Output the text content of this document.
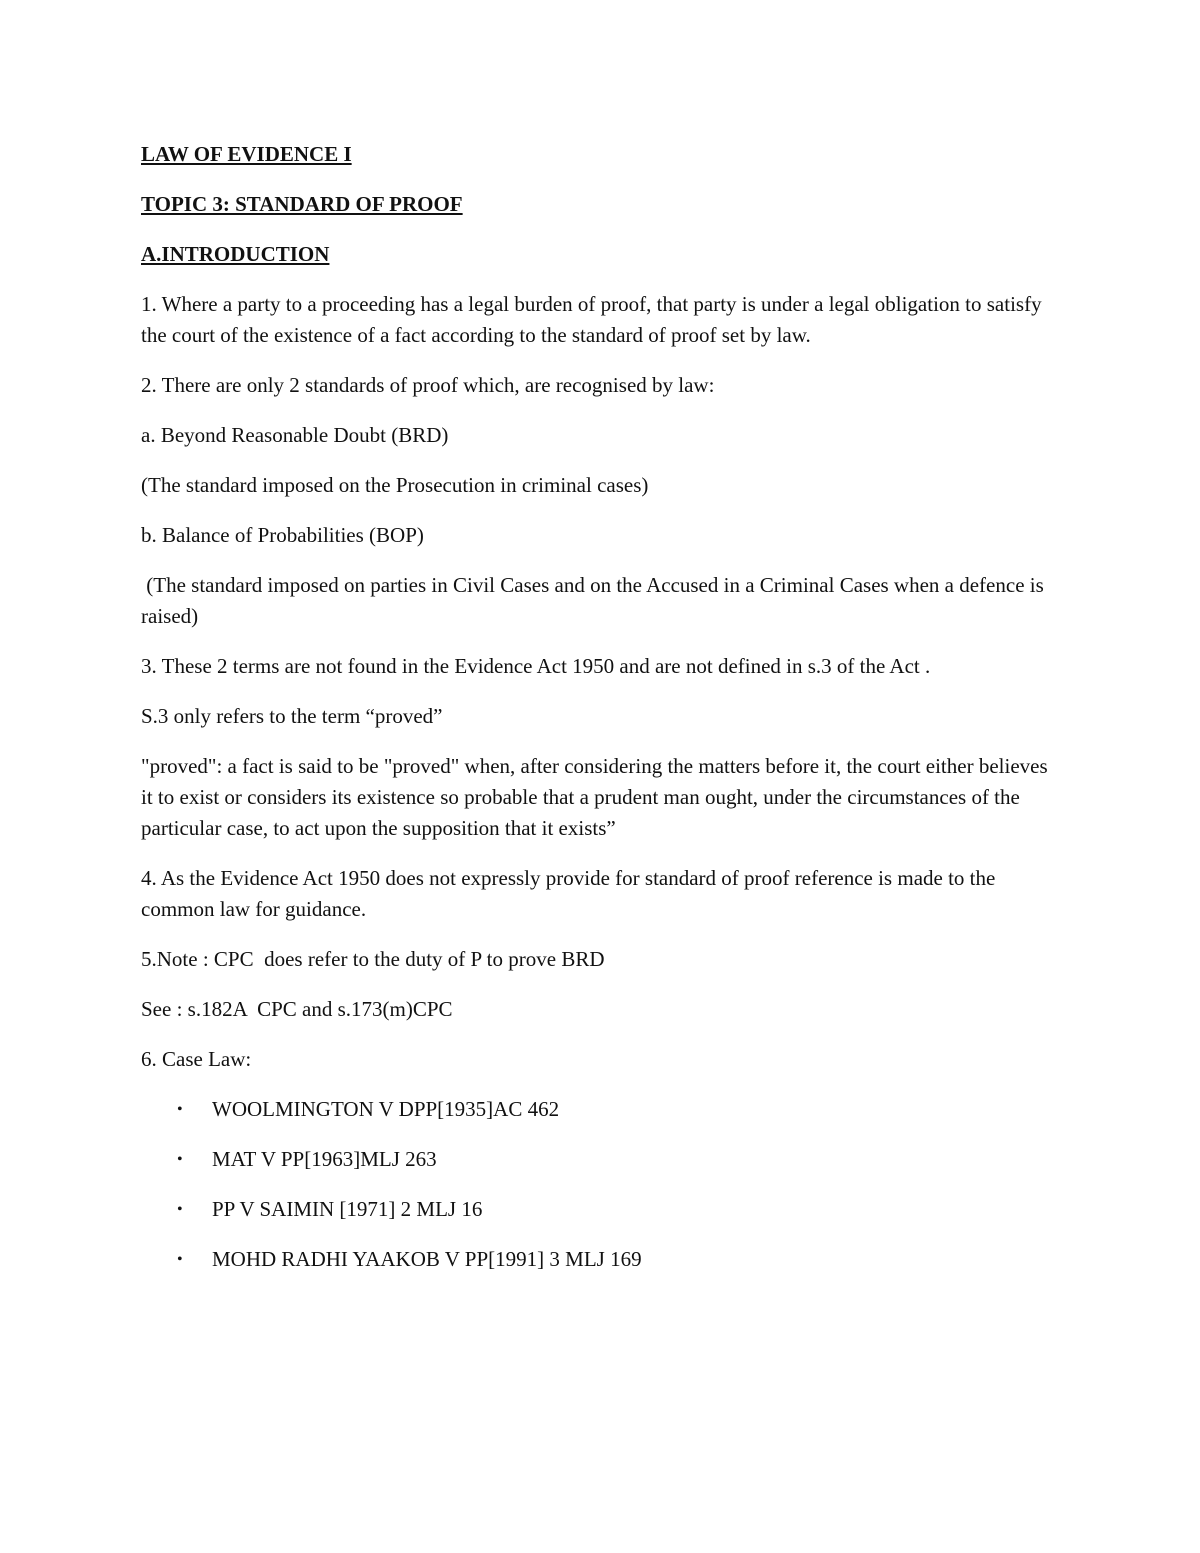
LAW OF EVIDENCE I
TOPIC 3: STANDARD OF PROOF
A.INTRODUCTION

1. Where a party to a proceeding has a legal burden of proof, that party is under a legal obligation to satisfy the court of the existence of a fact according to the standard of proof set by law.

2. There are only 2 standards of proof which, are recognised by law:

a. Beyond Reasonable Doubt (BRD)

(The standard imposed on the Prosecution in criminal cases)

b. Balance of Probabilities (BOP)

(The standard imposed on parties in Civil Cases and on the Accused in a Criminal Cases when a defence is raised)

3. These 2 terms are not found in the Evidence Act 1950 and are not defined in s.3 of the Act .

S.3 only refers to the term “proved”

"proved": a fact is said to be "proved" when, after considering the matters before it, the court either believes it to exist or considers its existence so probable that a prudent man ought, under the circumstances of the particular case, to act upon the supposition that it exists”

4. As the Evidence Act 1950 does not expressly provide for standard of proof reference is made to the common law for guidance.

5.Note : CPC  does refer to the duty of P to prove BRD

See : s.182A  CPC and s.173(m)CPC

6. Case Law:

• WOOLMINGTON V DPP[1935]AC 462
• MAT V PP[1963]MLJ 263
• PP V SAIMIN [1971] 2 MLJ 16
• MOHD RADHI YAAKOB V PP[1991] 3 MLJ 169
